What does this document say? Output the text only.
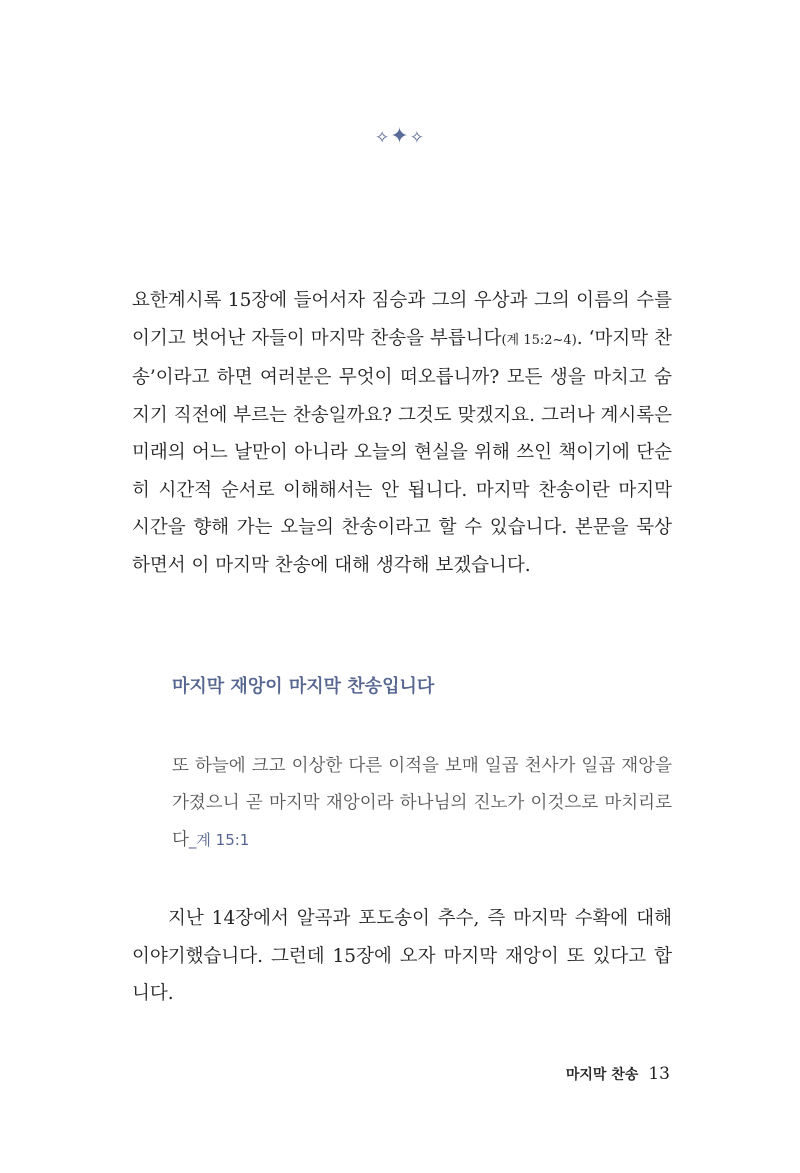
✧✦✧

요한계시록 15장에 들어서자 짐승과 그의 우상과 그의 이름의 수를 이기고 벗어난 자들이 마지막 찬송을 부릅니다(계 15:2~4). ‘마지막 찬송’이라고 하면 여러분은 무엇이 떠오릅니까? 모든 생을 마치고 숨지기 직전에 부르는 찬송일까요? 그것도 맞겠지요. 그러나 계시록은 미래의 어느 날만이 아니라 오늘의 현실을 위해 쓰인 책이기에 단순히 시간적 순서로 이해해서는 안 됩니다. 마지막 찬송이란 마지막 시간을 향해 가는 오늘의 찬송이라고 할 수 있습니다. 본문을 묵상하면서 이 마지막 찬송에 대해 생각해 보겠습니다.

마지막 재앙이 마지막 찬송입니다

또 하늘에 크고 이상한 다른 이적을 보매 일곱 천사가 일곱 재앙을 가졌으니 곧 마지막 재앙이라 하나님의 진노가 이것으로 마치리로다_계 15:1

지난 14장에서 알곡과 포도송이 추수, 즉 마지막 수확에 대해 이야기했습니다. 그런데 15장에 오자 마지막 재앙이 또 있다고 합니다.

마지막 찬송 13
